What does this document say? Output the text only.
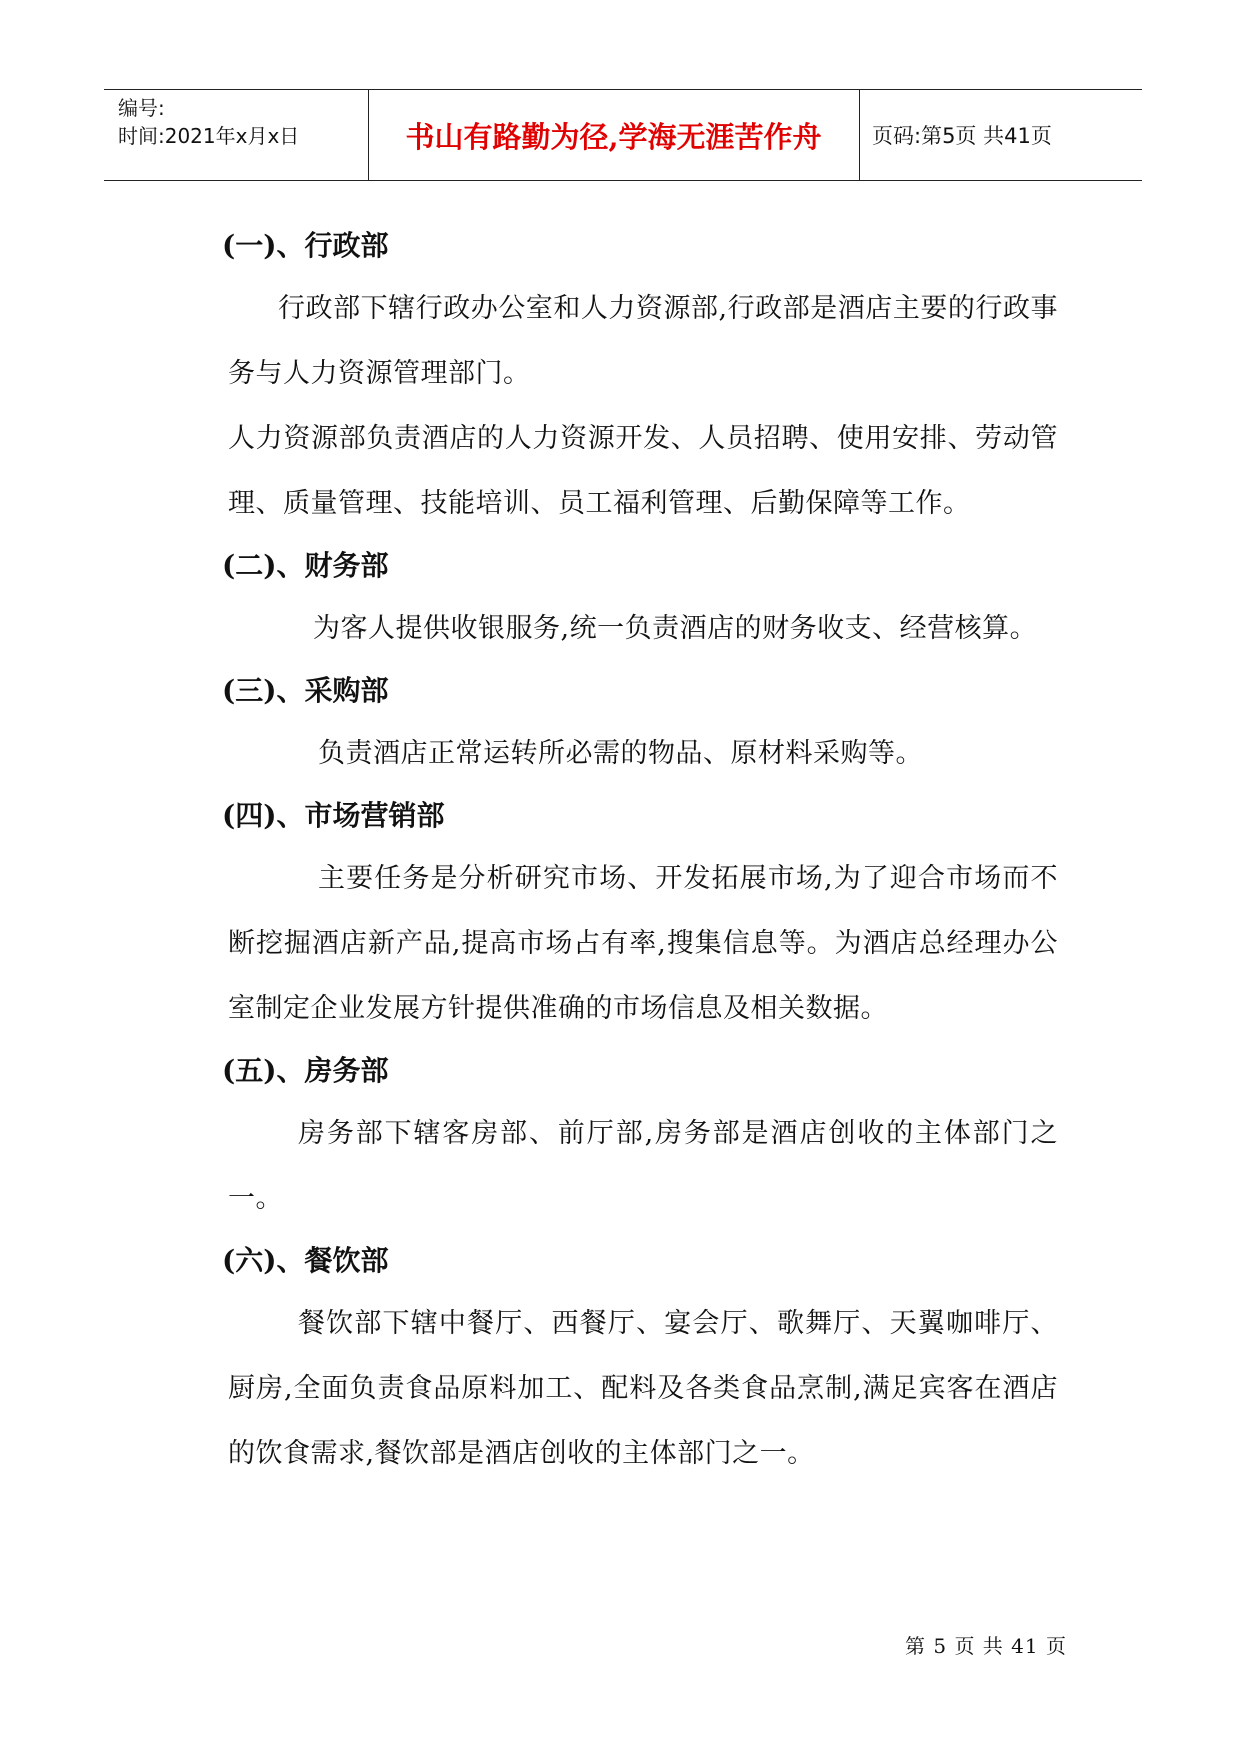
编号:
时间:2021年x月x日	书山有路勤为径,学海无涯苦作舟	页码:第5页 共41页
(一)、行政部
行政部下辖行政办公室和人力资源部,行政部是酒店主要的行政事务与人力资源管理部门。
人力资源部负责酒店的人力资源开发、人员招聘、使用安排、劳动管理、质量管理、技能培训、员工福利管理、后勤保障等工作。
(二)、财务部
为客人提供收银服务,统一负责酒店的财务收支、经营核算。
(三)、采购部
负责酒店正常运转所必需的物品、原材料采购等。
(四)、市场营销部
主要任务是分析研究市场、开发拓展市场,为了迎合市场而不断挖掘酒店新产品,提高市场占有率,搜集信息等。为酒店总经理办公室制定企业发展方针提供准确的市场信息及相关数据。
(五)、房务部
房务部下辖客房部、前厅部,房务部是酒店创收的主体部门之一。
(六)、餐饮部
餐饮部下辖中餐厅、西餐厅、宴会厅、歌舞厅、天翼咖啡厅、厨房,全面负责食品原料加工、配料及各类食品烹制,满足宾客在酒店的饮食需求,餐饮部是酒店创收的主体部门之一。
第 5 页 共 41 页
